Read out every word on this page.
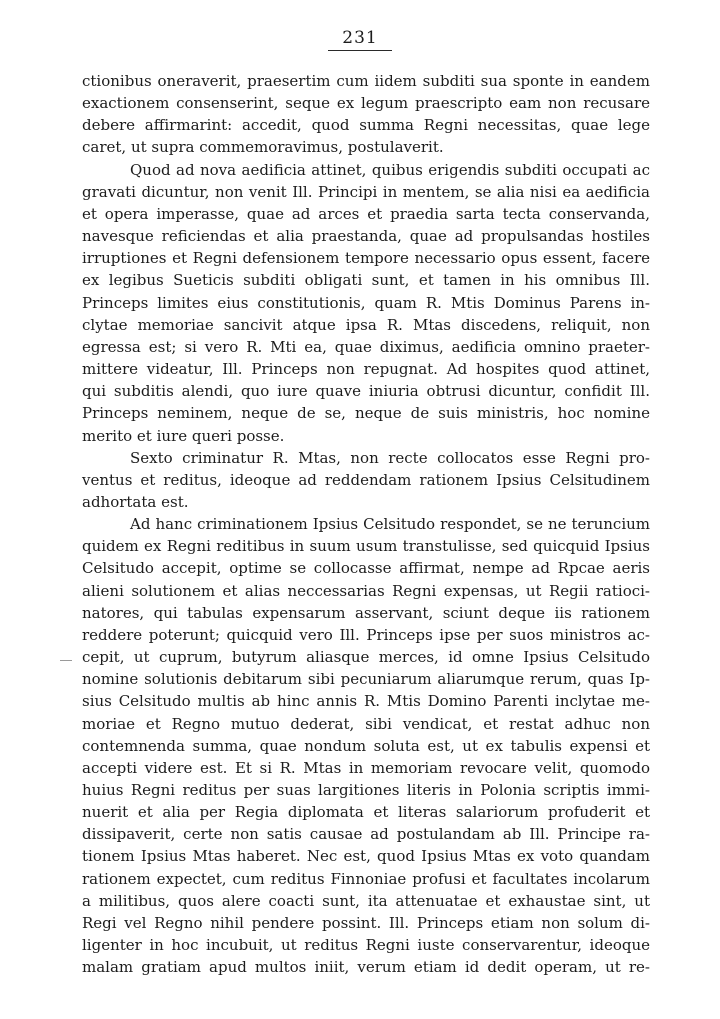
231
ctionibus oneraverit, praesertim cum iidem subditi sua sponte in eandem
exactionem consenserint, seque ex legum praescripto eam non recusare
debere affirmarint: accedit, quod summa Regni necessitas, quae lege
caret, ut supra commemoravimus, postulaverit.
Quod ad nova aedificia attinet, quibus erigendis subditi occupati ac
gravati dicuntur, non venit Ill. Principi in mentem, se alia nisi ea aedificia
et opera imperasse, quae ad arces et praedia sarta tecta conservanda,
navesque reficiendas et alia praestanda, quae ad propulsandas hostiles
irruptiones et Regni defensionem tempore necessario opus essent, facere
ex legibus Sueticis subditi obligati sunt, et tamen in his omnibus Ill.
Princeps limites eius constitutionis, quam R. Mtis Dominus Parens in-
clytae memoriae sancivit atque ipsa R. Mtas discedens, reliquit, non
egressa est; si vero R. Mti ea, quae diximus, aedificia omnino praeter-
mittere videatur, Ill. Princeps non repugnat. Ad hospites quod attinet,
qui subditis alendi, quo iure quave iniuria obtrusi dicuntur, confidit Ill.
Princeps neminem, neque de se, neque de suis ministris, hoc nomine
merito et iure queri posse.
Sexto criminatur R. Mtas, non recte collocatos esse Regni pro-
ventus et reditus, ideoque ad reddendam rationem Ipsius Celsitudinem
adhortata est.
Ad hanc criminationem Ipsius Celsitudo respondet, se ne teruncium
quidem ex Regni reditibus in suum usum transtulisse, sed quicquid Ipsius
Celsitudo accepit, optime se collocasse affirmat, nempe ad Rpcae aeris
alieni solutionem et alias neccessarias Regni expensas, ut Regii ratioci-
natores, qui tabulas expensarum asservant, sciunt deque iis rationem
reddere poterunt; quicquid vero Ill. Princeps ipse per suos ministros ac-
cepit, ut cuprum, butyrum aliasque merces, id omne Ipsius Celsitudo
nomine solutionis debitarum sibi pecuniarum aliarumque rerum, quas Ip-
sius Celsitudo multis ab hinc annis R. Mtis Domino Parenti inclytae me-
moriae et Regno mutuo dederat, sibi vendicat, et restat adhuc non
contemnenda summa, quae nondum soluta est, ut ex tabulis expensi et
accepti videre est. Et si R. Mtas in memoriam revocare velit, quomodo
huius Regni reditus per suas largitiones literis in Polonia scriptis immi-
nuerit et alia per Regia diplomata et literas salariorum profuderit et
dissipaverit, certe non satis causae ad postulandam ab Ill. Principe ra-
tionem Ipsius Mtas haberet. Nec est, quod Ipsius Mtas ex voto quandam
rationem expectet, cum reditus Finnoniae profusi et facultates incolarum
a militibus, quos alere coacti sunt, ita attenuatae et exhaustae sint, ut
Regi vel Regno nihil pendere possint. Ill. Princeps etiam non solum di-
ligenter in hoc incubuit, ut reditus Regni iuste conservarentur, ideoque
malam gratiam apud multos iniit, verum etiam id dedit operam, ut re-
